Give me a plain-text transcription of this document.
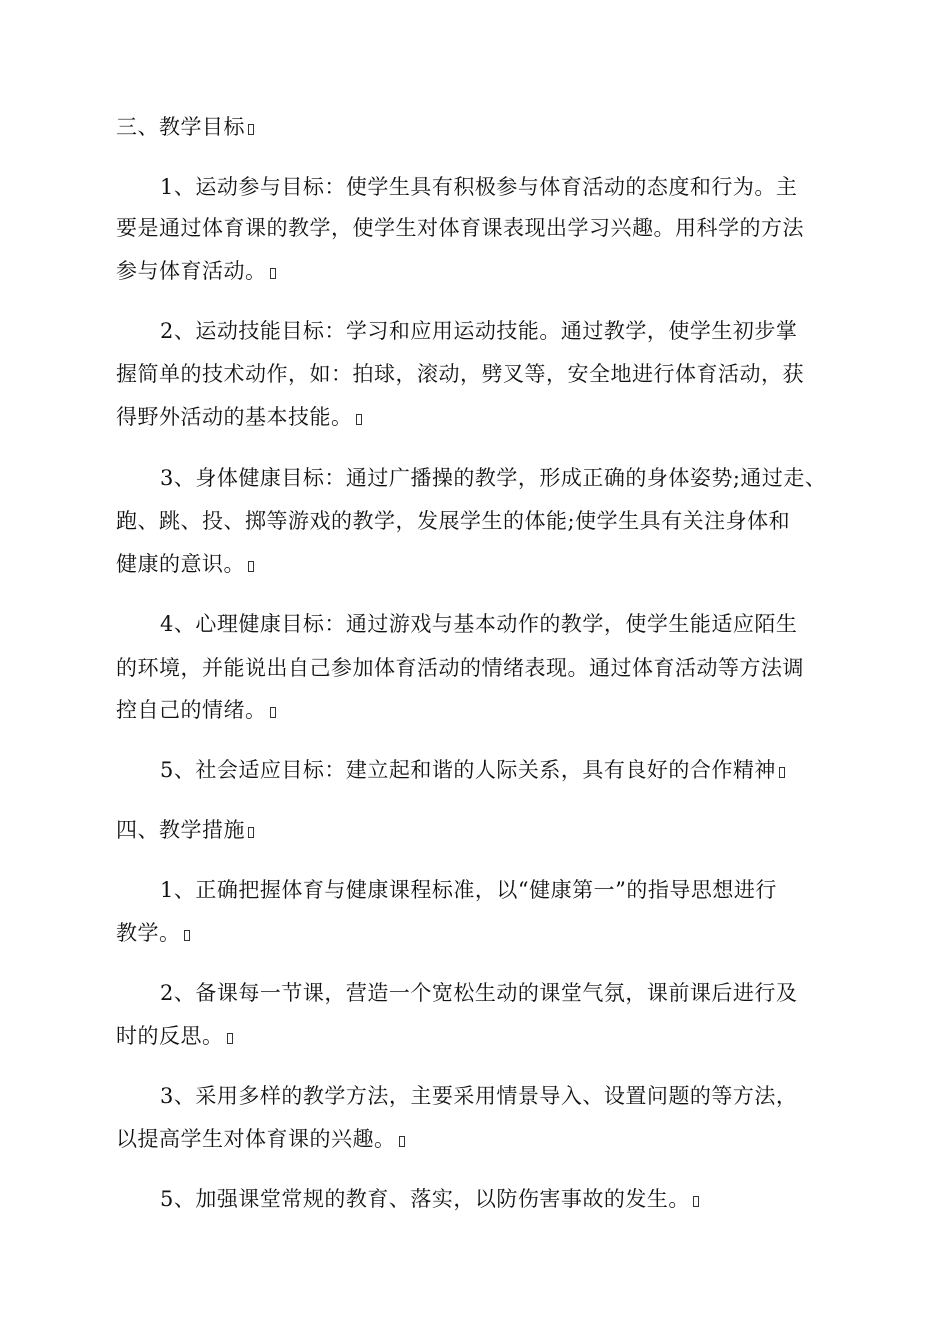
三、教学目标
1、运动参与目标：使学生具有积极参与体育活动的态度和行为。主
要是通过体育课的教学，使学生对体育课表现出学习兴趣。用科学的方法
参与体育活动。
2、运动技能目标：学习和应用运动技能。通过教学，使学生初步掌
握简单的技术动作，如：拍球，滚动，劈叉等，安全地进行体育活动，获
得野外活动的基本技能。
3、身体健康目标：通过广播操的教学，形成正确的身体姿势;通过走、
跑、跳、投、掷等游戏的教学，发展学生的体能;使学生具有关注身体和
健康的意识。
4、心理健康目标：通过游戏与基本动作的教学，使学生能适应陌生
的环境，并能说出自己参加体育活动的情绪表现。通过体育活动等方法调
控自己的情绪。
5、社会适应目标：建立起和谐的人际关系，具有良好的合作精神
四、教学措施
1、正确把握体育与健康课程标准，以“健康第一”的指导思想进行
教学。
2、备课每一节课，营造一个宽松生动的课堂气氛，课前课后进行及
时的反思。
3、采用多样的教学方法，主要采用情景导入、设置问题的等方法，
以提高学生对体育课的兴趣。
5、加强课堂常规的教育、落实，以防伤害事故的发生。
